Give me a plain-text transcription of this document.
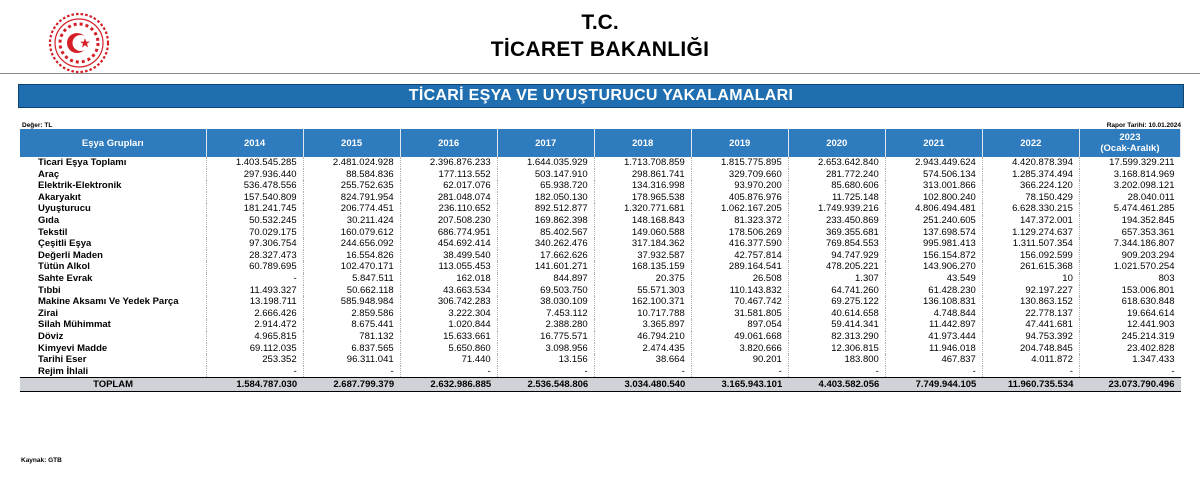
T.C.
TİCARET BAKANLIĞI
TİCARİ EŞYA VE UYUŞTURUCU YAKALAMALARI
Değer: TL	Rapor Tarihi: 10.01.2024
Eşya Grupları	2014	2015	2016	2017	2018	2019	2020	2021	2022	2023
(Ocak-Aralık)

Ticari Eşya Toplamı	1.403.545.285	2.481.024.928	2.396.876.233	1.644.035.929	1.713.708.859	1.815.775.895	2.653.642.840	2.943.449.624	4.420.878.394	17.599.329.211
Araç	297.936.440	88.584.836	177.113.552	503.147.910	298.861.741	329.709.660	281.772.240	574.506.134	1.285.374.494	3.168.814.969
Elektrik-Elektronik	536.478.556	255.752.635	62.017.076	65.938.720	134.316.998	93.970.200	85.680.606	313.001.866	366.224.120	3.202.098.121
Akaryakıt	157.540.809	824.791.954	281.048.074	182.050.130	178.965.538	405.876.976	11.725.148	102.800.240	78.150.429	28.040.011
Uyuşturucu	181.241.745	206.774.451	236.110.652	892.512.877	1.320.771.681	1.062.167.205	1.749.939.216	4.806.494.481	6.628.330.215	5.474.461.285
Gıda	50.532.245	30.211.424	207.508.230	169.862.398	148.168.843	81.323.372	233.450.869	251.240.605	147.372.001	194.352.845
Tekstil	70.029.175	160.079.612	686.774.951	85.402.567	149.060.588	178.506.269	369.355.681	137.698.574	1.129.274.637	657.353.361
Çeşitli Eşya	97.306.754	244.656.092	454.692.414	340.262.476	317.184.362	416.377.590	769.854.553	995.981.413	1.311.507.354	7.344.186.807
Değerli Maden	28.327.473	16.554.826	38.499.540	17.662.626	37.932.587	42.757.814	94.747.929	156.154.872	156.092.599	909.203.294
Tütün Alkol	60.789.695	102.470.171	113.055.453	141.601.271	168.135.159	289.164.541	478.205.221	143.906.270	261.615.368	1.021.570.254
Sahte Evrak	-	5.847.511	162.018	844.897	20.375	26.508	1.307	43.549	10	803
Tıbbi	11.493.327	50.662.118	43.663.534	69.503.750	55.571.303	110.143.832	64.741.260	61.428.230	92.197.227	153.006.801
Makine Aksamı Ve Yedek Parça	13.198.711	585.948.984	306.742.283	38.030.109	162.100.371	70.467.742	69.275.122	136.108.831	130.863.152	618.630.848
Zirai	2.666.426	2.859.586	3.222.304	7.453.112	10.717.788	31.581.805	40.614.658	4.748.844	22.778.137	19.664.614
Silah Mühimmat	2.914.472	8.675.441	1.020.844	2.388.280	3.365.897	897.054	59.414.341	11.442.897	47.441.681	12.441.903
Döviz	4.965.815	781.132	15.633.661	16.775.571	46.794.210	49.061.668	82.313.290	41.973.444	94.753.392	245.214.319
Kimyevi Madde	69.112.035	6.837.565	5.650.860	3.098.956	2.474.435	3.820.666	12.306.815	11.946.018	204.748.845	23.402.828
Tarihi Eser	253.352	96.311.041	71.440	13.156	38.664	90.201	183.800	467.837	4.011.872	1.347.433
Rejim İhlali	-	-	-	-	-	-	-	-	-	-
TOPLAM	1.584.787.030	2.687.799.379	2.632.986.885	2.536.548.806	3.034.480.540	3.165.943.101	4.403.582.056	7.749.944.105	11.960.735.534	23.073.790.496
Kaynak: GTB
